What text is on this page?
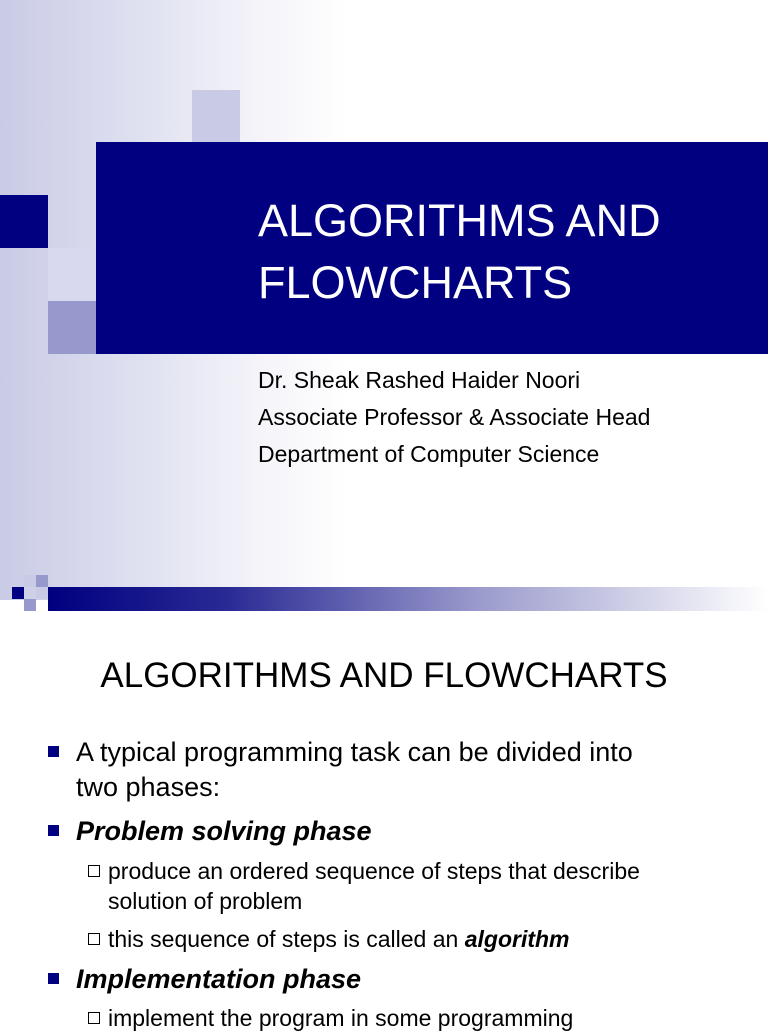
ALGORITHMS AND
FLOWCHARTS
Dr. Sheak Rashed Haider Noori
Associate Professor & Associate Head
Department of Computer Science
ALGORITHMS AND FLOWCHARTS
A typical programming task can be divided into
two phases:
Problem solving phase
produce an ordered sequence of steps that describe
solution of problem
this sequence of steps is called an algorithm
Implementation phase
implement the program in some programming
